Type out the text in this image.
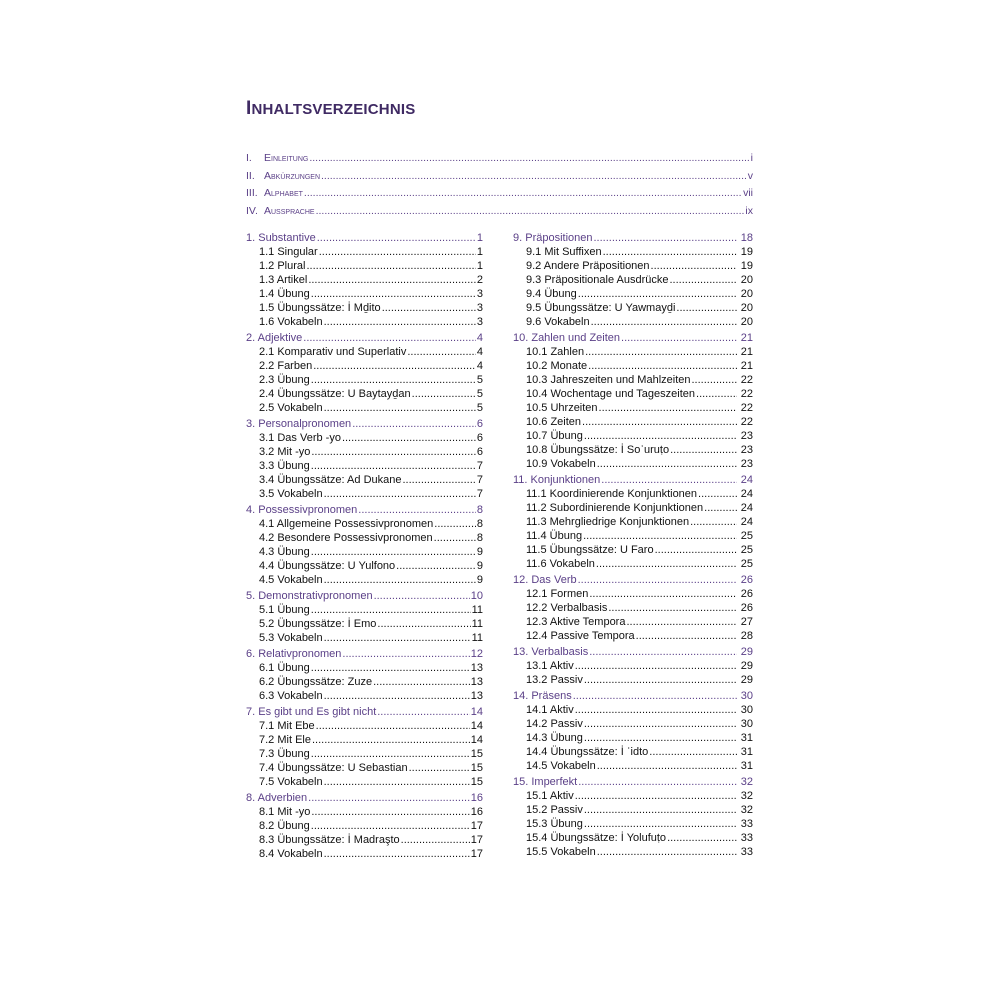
INHALTSVERZEICHNIS
I.	Einleitung .....	i
II. Abkürzungen .....	v
III. Alphabet .....	vii
IV. Aussprache .....	ix
1. Substantive .....	1
1.1 Singular .....	1
1.2 Plural .....	1
1.3 Artikel .....	2
1.4 Übung .....	3
1.5 Übungssätze: İ Mḏito .....	3
1.6 Vokabeln .....	3
2. Adjektive .....	4
2.1 Komparativ und Superlativ .....	4
2.2 Farben .....	4
2.3 Übung .....	5
2.4 Übungssätze: U Baytayḏan .....	5
2.5 Vokabeln .....	5
3. Personalpronomen .....	6
3.1 Das Verb -yo .....	6
3.2 Mit -yo .....	6
3.3 Übung .....	7
3.4 Übungssätze: Ad Dukane .....	7
3.5 Vokabeln .....	7
4. Possessivpronomen .....	8
4.1 Allgemeine Possessivpronomen .....	8
4.2 Besondere Possessivpronomen .....	8
4.3 Übung .....	9
4.4 Übungssätze: U Yulfono .....	9
4.5 Vokabeln .....	9
5. Demonstrativpronomen .....	10
5.1 Übung .....	11
5.2 Übungssätze: İ Emo .....	11
5.3 Vokabeln .....	11
6. Relativpronomen .....	12
6.1 Übung .....	13
6.2 Übungssätze: Zuze .....	13
6.3 Vokabeln .....	13
7. Es gibt und Es gibt nicht .....	14
7.1 Mit Ebe .....	14
7.2 Mit Ele .....	14
7.3 Übung .....	15
7.4 Übungssätze: U Sebastian .....	15
7.5 Vokabeln .....	15
8. Adverbien .....	16
8.1 Mit -yo .....	16
8.2 Übung .....	17
8.3 Übungssätze: İ Madraşto .....	17
8.4 Vokabeln .....	17
9. Präpositionen .....	18
9.1 Mit Suffixen .....	19
9.2 Andere Präpositionen .....	19
9.3 Präpositionale Ausdrücke .....	20
9.4 Übung .....	20
9.5 Übungssätze: U Yawmayḏi .....	20
9.6 Vokabeln .....	20
10. Zahlen und Zeiten .....	21
10.1 Zahlen .....	21
10.2 Monate .....	21
10.3 Jahreszeiten und Mahlzeiten .....	22
10.4 Wochentage und Tageszeiten .....	22
10.5 Uhrzeiten .....	22
10.6 Zeiten .....	22
10.7 Übung .....	23
10.8 Übungssätze: İ Soʿuruṭo .....	23
10.9 Vokabeln .....	23
11. Konjunktionen .....	24
11.1 Koordinierende Konjunktionen .....	24
11.2 Subordinierende Konjunktionen .....	24
11.3 Mehrgliedrige Konjunktionen .....	24
11.4 Übung .....	25
11.5 Übungssätze: U Faro .....	25
11.6 Vokabeln .....	25
12. Das Verb .....	26
12.1 Formen .....	26
12.2 Verbalbasis .....	26
12.3 Aktive Tempora .....	27
12.4 Passive Tempora .....	28
13. Verbalbasis .....	29
13.1 Aktiv .....	29
13.2 Passiv .....	29
14. Präsens .....	30
14.1 Aktiv .....	30
14.2 Passiv .....	30
14.3 Übung .....	31
14.4 Übungssätze: İ ʿidto .....	31
14.5 Vokabeln .....	31
15. Imperfekt .....	32
15.1 Aktiv .....	32
15.2 Passiv .....	32
15.3 Übung .....	33
15.4 Übungssätze: İ Yolufuṭo .....	33
15.5 Vokabeln .....	33
